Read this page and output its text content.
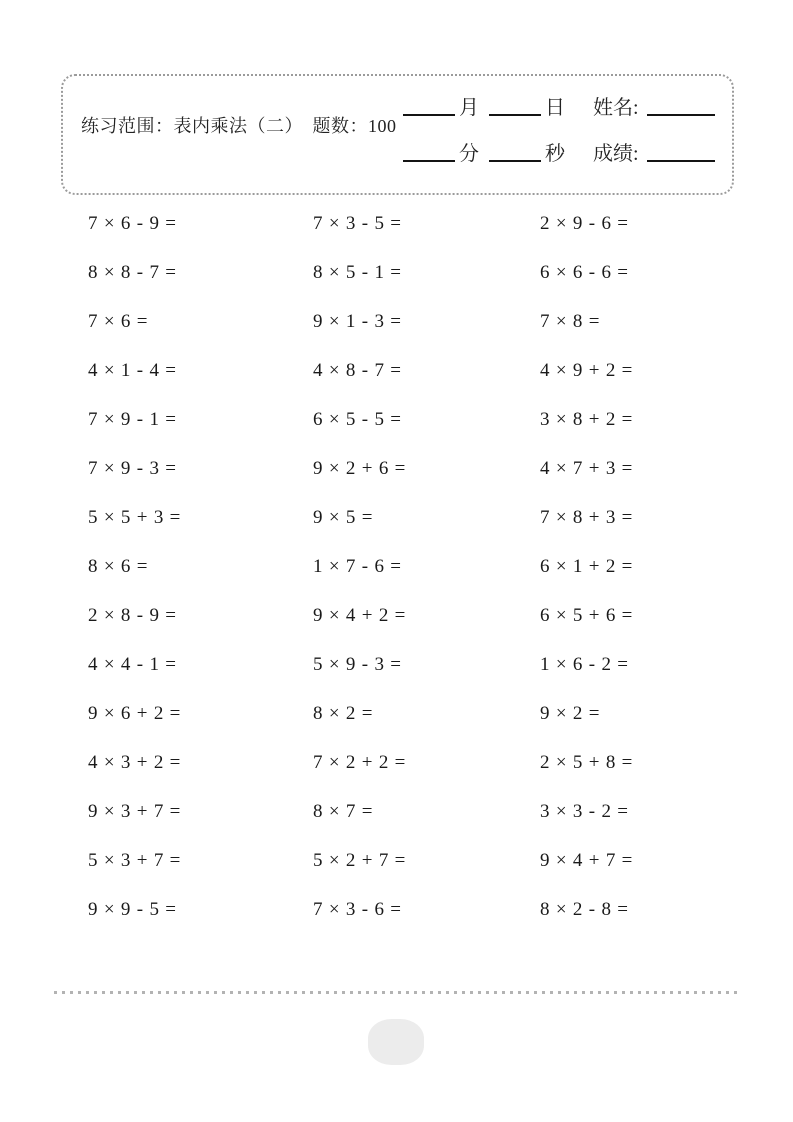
练习范围：表内乘法（二）　题数：100
月	日 姓名:
分	秒 成绩:
7 × 6 - 9 =	7 × 3 - 5 =	2 × 9 - 6 =
8 × 8 - 7 =	8 × 5 - 1 =	6 × 6 - 6 =
7 × 6 =	9 × 1 - 3 =	7 × 8 =
4 × 1 - 4 =	4 × 8 - 7 =	4 × 9 + 2 =
7 × 9 - 1 =	6 × 5 - 5 =	3 × 8 + 2 =
7 × 9 - 3 =	9 × 2 + 6 =	4 × 7 + 3 =
5 × 5 + 3 =	9 × 5 =	7 × 8 + 3 =
8 × 6 =	1 × 7 - 6 =	6 × 1 + 2 =
2 × 8 - 9 =	9 × 4 + 2 =	6 × 5 + 6 =
4 × 4 - 1 =	5 × 9 - 3 =	1 × 6 - 2 =
9 × 6 + 2 =	8 × 2 =	9 × 2 =
4 × 3 + 2 =	7 × 2 + 2 =	2 × 5 + 8 =
9 × 3 + 7 =	8 × 7 =	3 × 3 - 2 =
5 × 3 + 7 =	5 × 2 + 7 =	9 × 4 + 7 =
9 × 9 - 5 =	7 × 3 - 6 =	8 × 2 - 8 =
